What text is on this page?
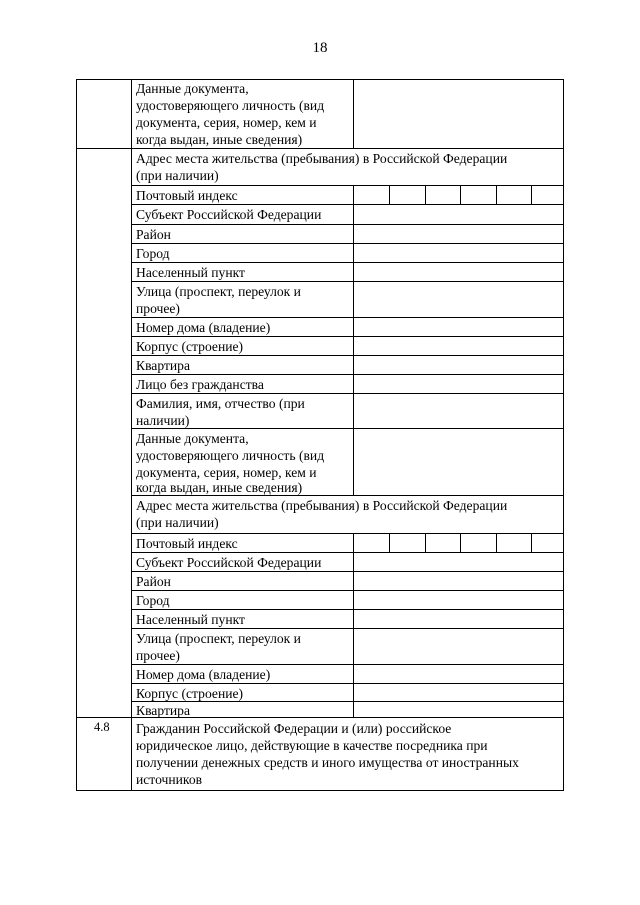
18
Данные документа,
удостоверяющего личность (вид
документа, серия, номер, кем и
когда выдан, иные сведения)
Адрес места жительства (пребывания) в Российской Федерации
(при наличии)
Почтовый индекс
Субъект Российской Федерации
Район
Город
Населенный пункт
Улица (проспект, переулок и
прочее)
Номер дома (владение)
Корпус (строение)
Квартира
Лицо без гражданства
Фамилия, имя, отчество (при
наличии)
Данные документа,
удостоверяющего личность (вид
документа, серия, номер, кем и
когда выдан, иные сведения)
Адрес места жительства (пребывания) в Российской Федерации
(при наличии)
Почтовый индекс
Субъект Российской Федерации
Район
Город
Населенный пункт
Улица (проспект, переулок и
прочее)
Номер дома (владение)
Корпус (строение)
Квартира
4.8 Гражданин Российской Федерации и (или) российское
юридическое лицо, действующие в качестве посредника при
получении денежных средств и иного имущества от иностранных
источников
